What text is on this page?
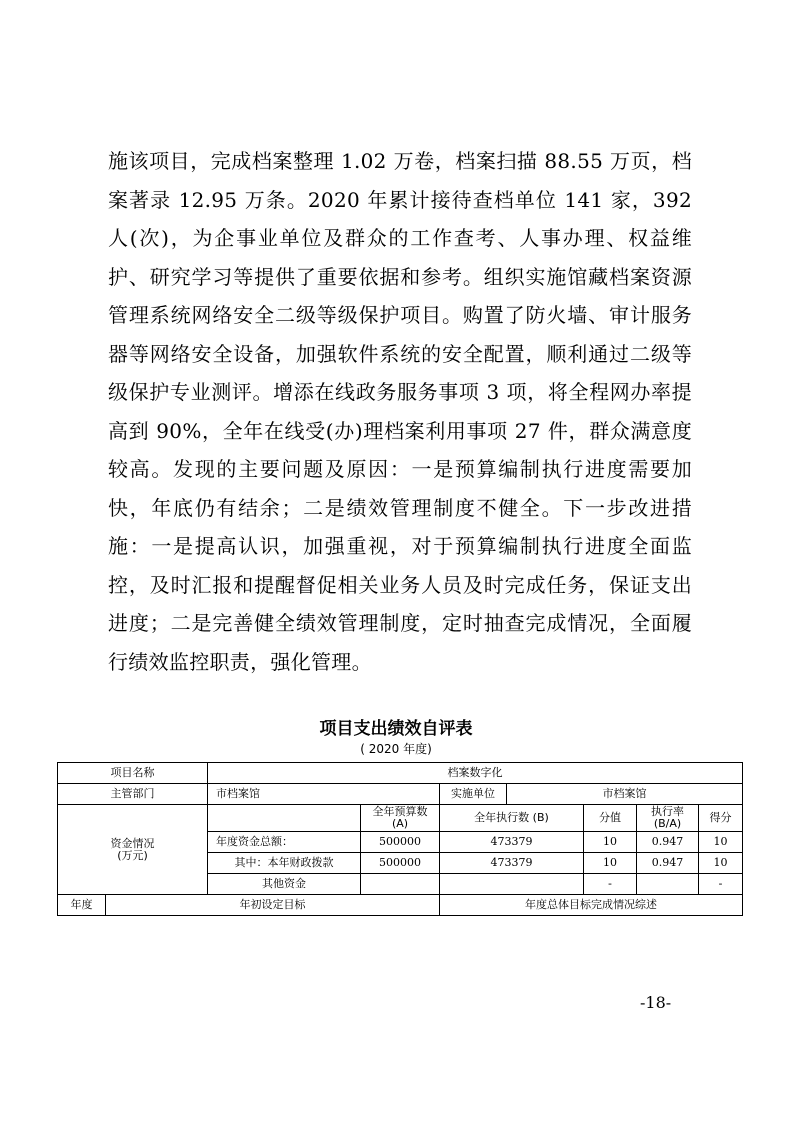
施该项目，完成档案整理 1.02 万卷，档案扫描 88.55 万页，档案著录 12.95 万条。2020 年累计接待查档单位 141 家，392 人(次)，为企事业单位及群众的工作查考、人事办理、权益维护、研究学习等提供了重要依据和参考。组织实施馆藏档案资源管理系统网络安全二级等级保护项目。购置了防火墙、审计服务器等网络安全设备，加强软件系统的安全配置，顺利通过二级等级保护专业测评。增添在线政务服务事项 3 项，将全程网办率提高到 90%，全年在线受(办)理档案利用事项 27 件，群众满意度较高。发现的主要问题及原因：一是预算编制执行进度需要加快，年底仍有结余；二是绩效管理制度不健全。下一步改进措施：一是提高认识，加强重视，对于预算编制执行进度全面监控，及时汇报和提醒督促相关业务人员及时完成任务，保证支出进度；二是完善健全绩效管理制度，定时抽查完成情况，全面履行绩效监控职责，强化管理。

项目支出绩效自评表
( 2020 年度)
项目名称		档案数字化						
主管部门		市档案馆		实施单位	市档案馆			
资金情况
(万元)			全年预算数 (A)	全年执行数 (B)		分值	执行率 (B/A)	得分
		年度资金总额：	500000	473379		10	0.947	10
		其中：本年财政拨款	500000	473379		10	0.947	10
		其他资金				-		-
年度	年初设定目标			年度总体目标完成情况综述				
-18-
